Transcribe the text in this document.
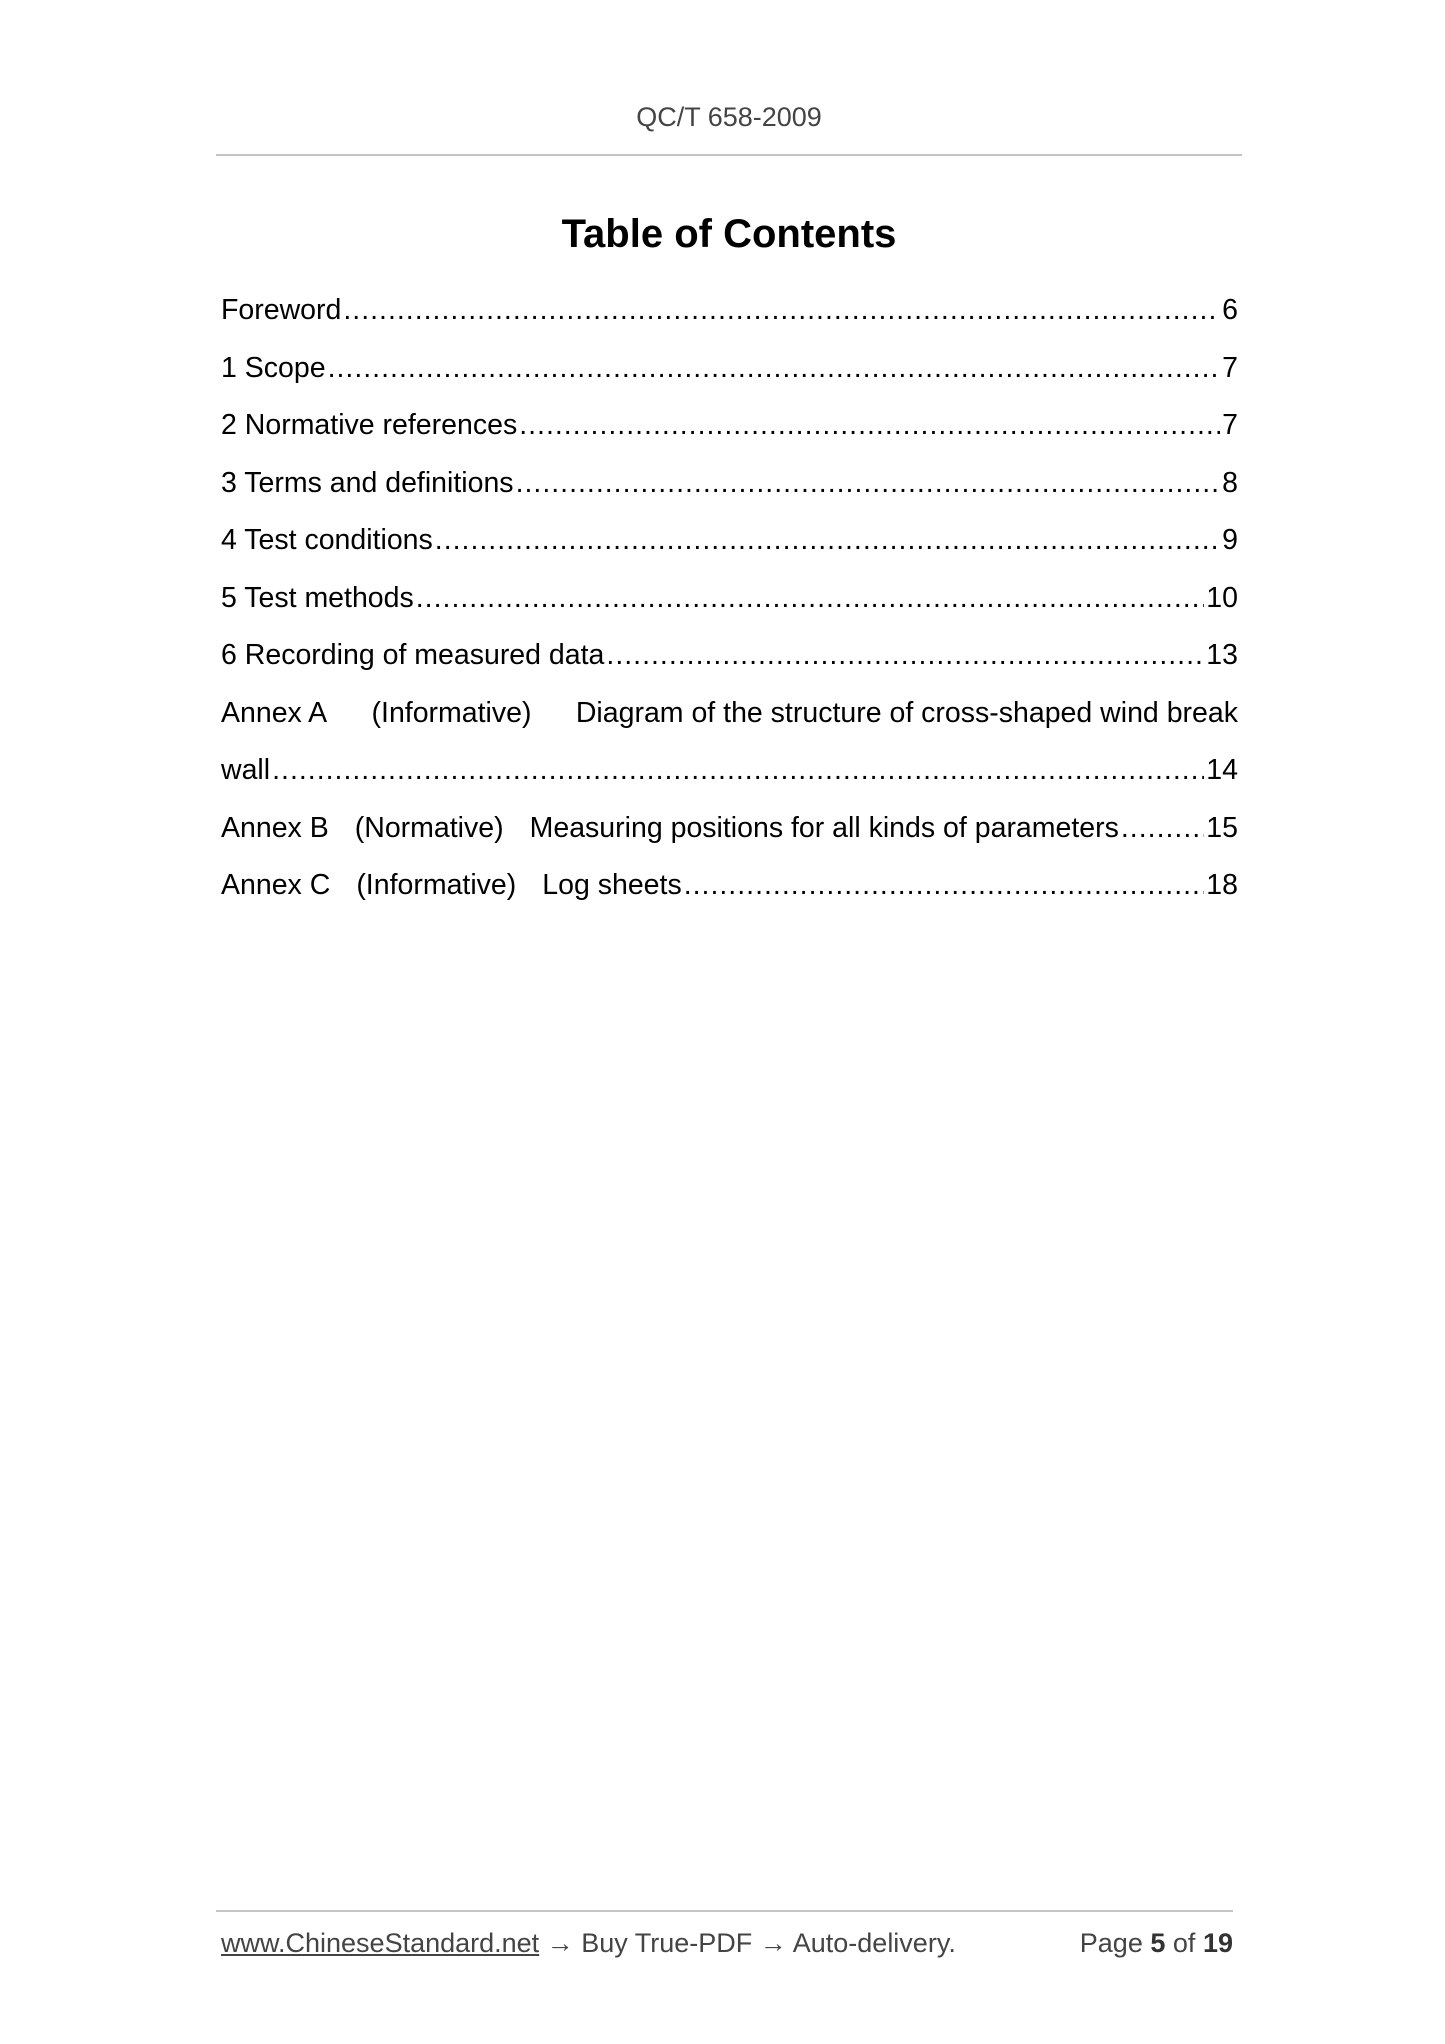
QC/T 658-2009
Table of Contents
Foreword .....	6
1 Scope .....	7
2 Normative references .....	7
3 Terms and definitions .....	8
4 Test conditions .....	9
5 Test methods .....	10
6 Recording of measured data .....	13
Annex A (Informative) Diagram of the structure of cross-shaped wind break
wall .....	14
Annex B (Normative) Measuring positions for all kinds of parameters .....	15
Annex C (Informative) Log sheets .....	18
www.ChineseStandard.net → Buy True-PDF → Auto-delivery.	Page 5 of 19
